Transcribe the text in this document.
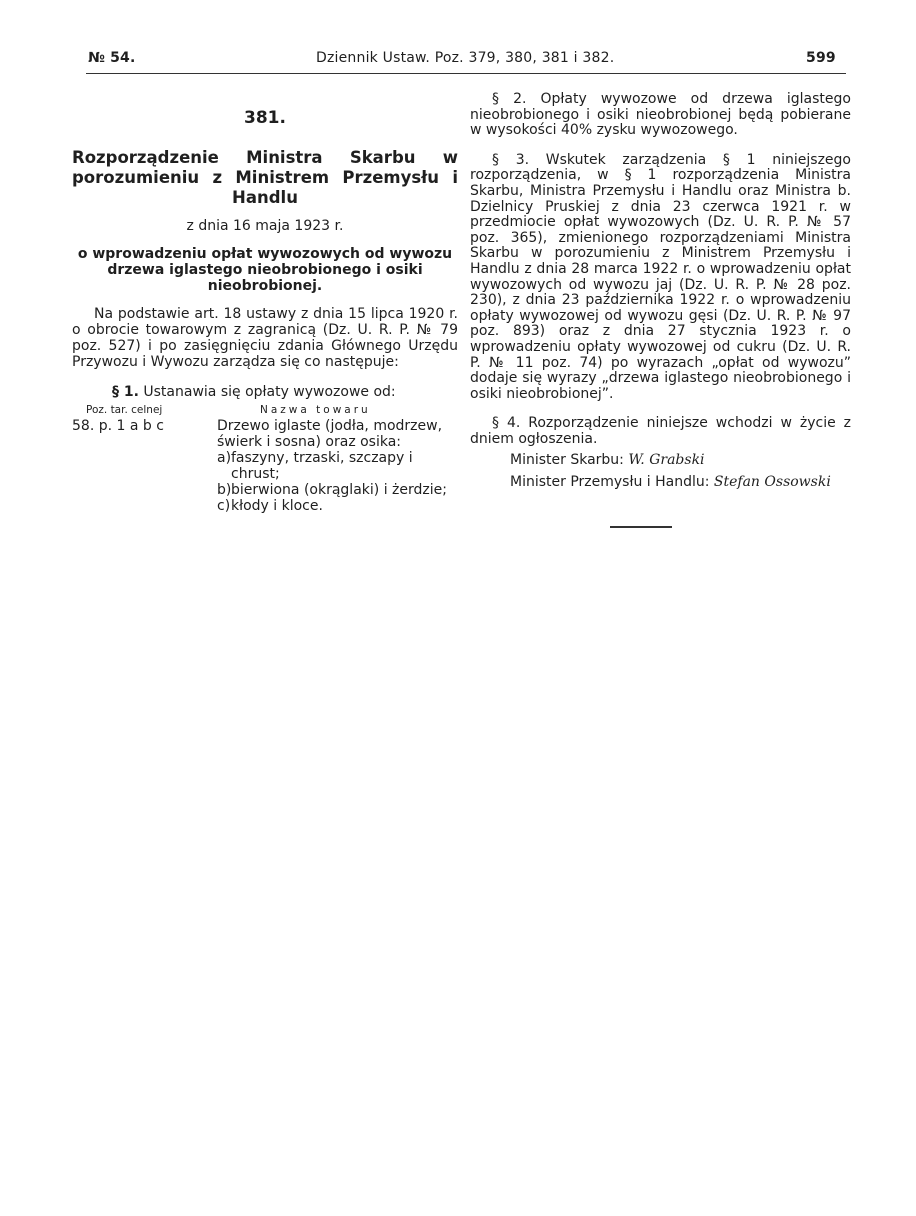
№ 54.	Dziennik Ustaw. Poz. 379, 380, 381 i 382.	599
381.
Rozporządzenie Ministra Skarbu w porozumieniu z Ministrem Przemysłu i Handlu
z dnia 16 maja 1923 r.
o wprowadzeniu opłat wywozowych od wywozu drzewa iglastego nieobrobionego i osiki nieobrobionej.

Na podstawie art. 18 ustawy z dnia 15 lipca 1920 r. o obrocie towarowym z zagranicą (Dz. U. R. P. № 79 poz. 527) i po zasięgnięciu zdania Głównego Urzędu Przywozu i Wywozu zarządza się co następuje:

§ 1. Ustanawia się opłaty wywozowe od:
Poz. tar. celnej	Nazwa towaru
58. p. 1 a b c	Drzewo iglaste (jodła, modrzew, świerk i sosna) oraz osika:
a) faszyny, trzaski, szczapy i chrust;
b) bierwiona (okrąglaki) i żerdzie;
c) kłody i kloce.

§ 2. Opłaty wywozowe od drzewa iglastego nieobrobionego i osiki nieobrobionej będą pobierane w wysokości 40% zysku wywozowego.

§ 3. Wskutek zarządzenia § 1 niniejszego rozporządzenia, w § 1 rozporządzenia Ministra Skarbu, Ministra Przemysłu i Handlu oraz Ministra b. Dzielnicy Pruskiej z dnia 23 czerwca 1921 r. w przedmiocie opłat wywozowych (Dz. U. R. P. № 57 poz. 365), zmienionego rozporządzeniami Ministra Skarbu w porozumieniu z Ministrem Przemysłu i Handlu z dnia 28 marca 1922 r. o wprowadzeniu opłat wywozowych od wywozu jaj (Dz. U. R. P. № 28 poz. 230), z dnia 23 października 1922 r. o wprowadzeniu opłaty wywozowej od wywozu gęsi (Dz. U. R. P. № 97 poz. 893) oraz z dnia 27 stycznia 1923 r. o wprowadzeniu opłaty wywozowej od cukru (Dz. U. R. P. № 11 poz. 74) po wyrazach „opłat od wywozu” dodaje się wyrazy „drzewa iglastego nieobrobionego i osiki nieobrobionej”.

§ 4. Rozporządzenie niniejsze wchodzi w życie z dniem ogłoszenia.

Minister Skarbu: W. Grabski
Minister Przemysłu i Handlu: Stefan Ossowski
